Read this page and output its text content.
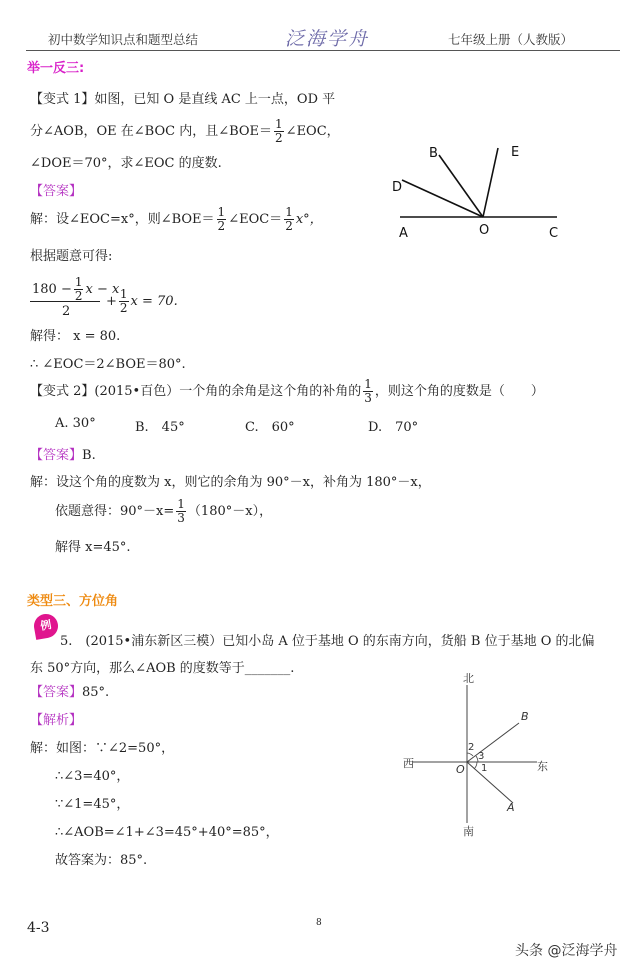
初中数学知识点和题型总结	泛海学舟	七年级上册（人教版）
举一反三:
【变式 1】如图，已知 O 是直线 AC 上一点，OD 平
分∠AOB，OE 在∠BOC 内，且∠BOE＝ $\frac{1}{2}$ ∠EOC，
∠DOE＝70°，求∠EOC 的度数.
【答案】
解：设∠EOC=x°，则∠BOE＝ $\frac{1}{2}$ ∠EOC＝ $\frac{1}{2} x^\circ$，
根据题意可得:
$180 - \frac{1}{2}$ x − x
2
+ $\frac{1}{2}$ x = 70.
解得： x = 80.
∴ ∠EOC＝2∠BOE＝80°.
A	O	C
D
B	E
【变式 2】(2015•百色）一个角的余角是这个角的补角的 $\frac{1}{3}$ ，则这个角的度数是（　　）
A. 30°	B.　45°	C.　60°	D.　70°
【答案】B.
解：设这个角的度数为 x，则它的余角为 90°－x，补角为 180°－x，
依题意得：$90^\circ-x= \frac{1}{3} (180^\circ-x)$，
解得 x=45°.
类型三、方位角
例
5.　(2015•浦东新区三模）已知小岛 A 位于基地 O 的东南方向，货船 B 位于基地 O 的北偏
东 50°方向，那么∠AOB 的度数等于_______.
【答案】85°.
【解析】
解：如图：∵∠2=50°，
∴∠3=40°，
∵∠1=45°，
∴∠AOB=∠1+∠3=45°+40°=85°，
故答案为：85°.
北
南
西	东
O
A
B
1
2
3
4-3	8
头条 @泛海学舟
